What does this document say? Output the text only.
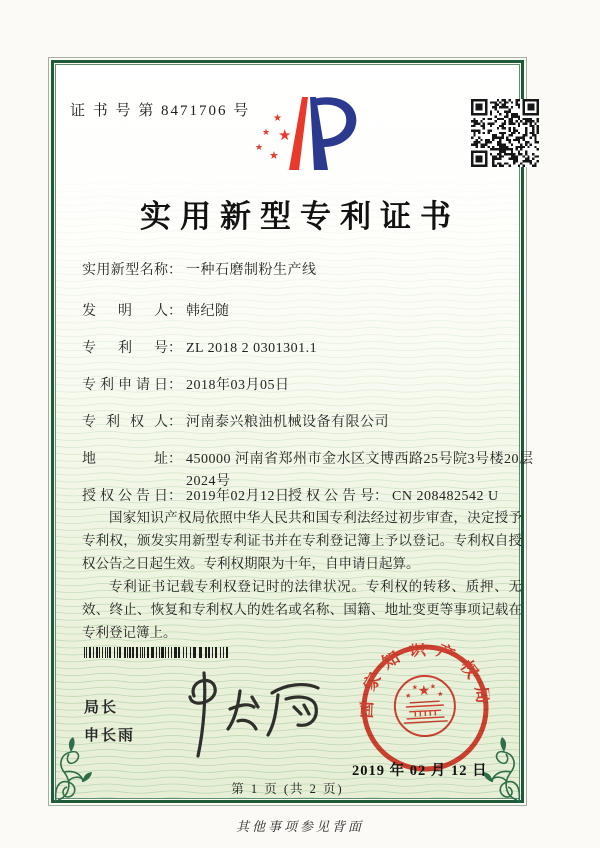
证 书 号 第 8471706 号 ★
★ ★
★
★
实用新型专利证书
实用新型名称 ： 一种石磨制粉生产线
发明人 ： 韩纪随
专利号 ： ZL 2018 2 0301301.1
专利申请日 ： 2018年03月05日
专利权人 ： 河南泰兴粮油机械设备有限公司
地址 ： 450000 河南省郑州市金水区文博西路25号院3号楼20层2024号
授权公告日 ： 2019年02月12日
授权公告号 ： CN 208482542 U

国家知识产权局依照中华人民共和国专利法经过初步审查，决定授予专利权，颁发实用新型专利证书并在专利登记簿上予以登记。专利权自授权公告之日起生效。专利权期限为十年，自申请日起算。

专利证书记载专利权登记时的法律状况。专利权的转移、质押、无效、终止、恢复和专利权人的姓名或名称、国籍、地址变更等事项记载在专利登记簿上。

局长
申长雨
国家知识产权局
★
★	★
★ ★
2019 年 02 月 12 日
第 1 页 (共 2 页)
其他事项参见背面
